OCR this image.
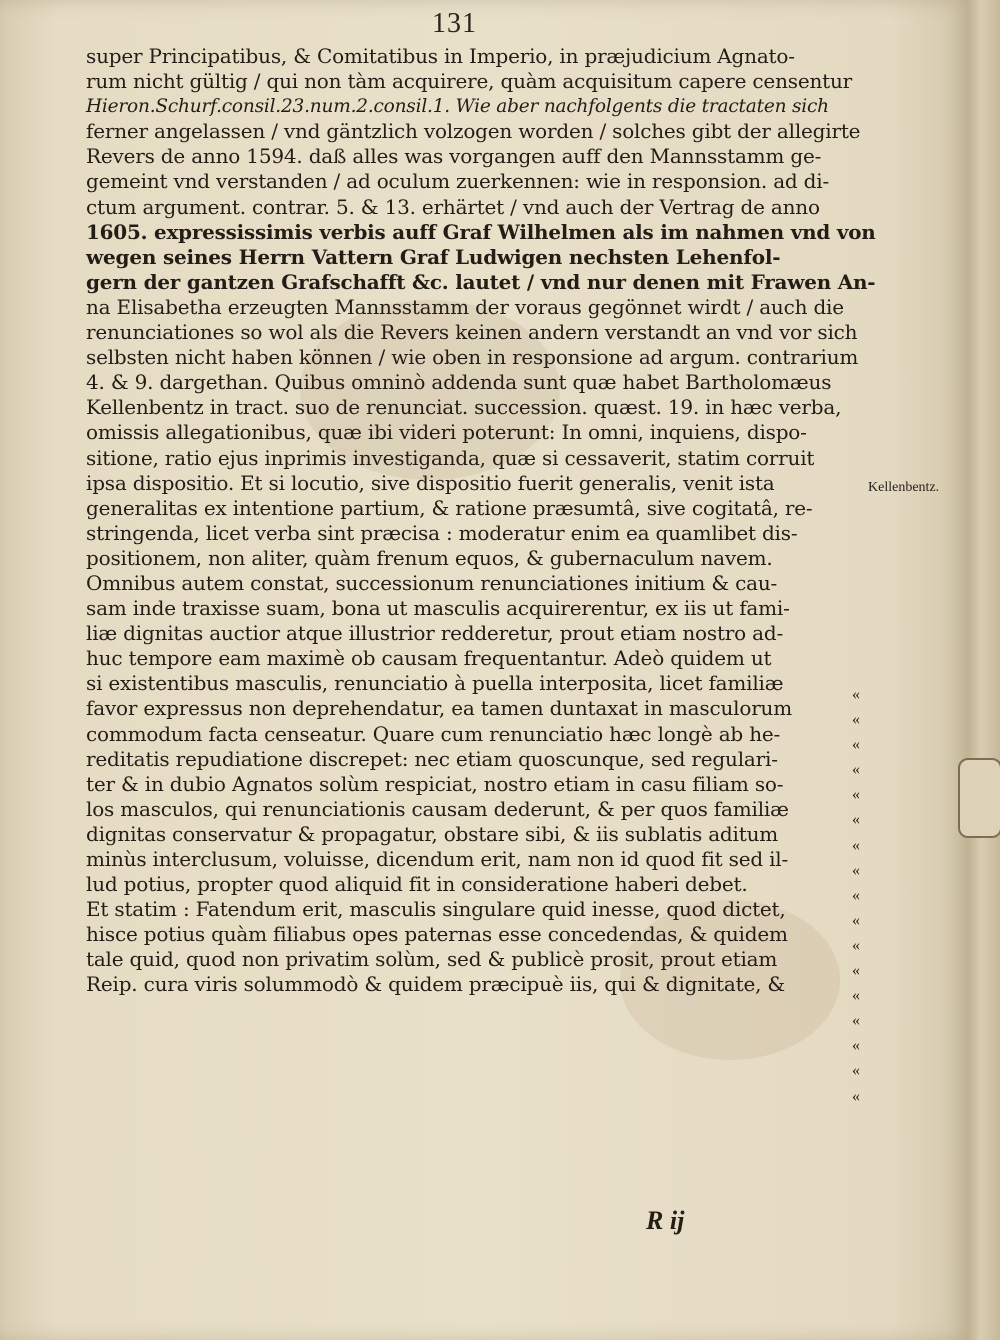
131
super Principatibus, & Comitatibus in Imperio, in præjudicium Agnato-
rum nicht gültig / qui non tàm acquirere, quàm acquisitum capere censentur
Hieron.Schurf.consil.23.num.2.consil.1. Wie aber nachfolgents die tractaten sich
ferner angelassen / vnd gäntzlich volzogen worden / solches gibt der allegirte
Revers de anno 1594. daß alles was vorgangen auff den Mannsstamm ge-
gemeint vnd verstanden / ad oculum zuerkennen: wie in responsion. ad di-
ctum argument. contrar. 5. & 13. erhärtet / vnd auch der Vertrag de anno
1605. expressissimis verbis auff Graf Wilhelmen als im nahmen vnd von
wegen seines Herrn Vattern Graf Ludwigen nechsten Lehenfol-
gern der gantzen Grafschafft &c. lautet / vnd nur denen mit Frawen An-
na Elisabetha erzeugten Mannsstamm der voraus gegönnet wirdt / auch die
renunciationes so wol als die Revers keinen andern verstandt an vnd vor sich
selbsten nicht haben können / wie oben in responsione ad argum. contrarium
4. & 9. dargethan. Quibus omninò addenda sunt quæ habet Bartholomæus
Kellenbentz in tract. suo de renunciat. succession. quæst. 19. in hæc verba,
omissis allegationibus, quæ ibi videri poterunt: In omni, inquiens, dispo-
sitione, ratio ejus inprimis investiganda, quæ si cessaverit, statim corruit
ipsa dispositio. Et si locutio, sive dispositio fuerit generalis, venit ista
generalitas ex intentione partium, & ratione præsumtâ, sive cogitatâ, re-
stringenda, licet verba sint præcisa : moderatur enim ea quamlibet dis-
positionem, non aliter, quàm frenum equos, & gubernaculum navem.
Omnibus autem constat, successionum renunciationes initium & cau-
sam inde traxisse suam, bona ut masculis acquirerentur, ex iis ut fami-
liæ dignitas auctior atque illustrior redderetur, prout etiam nostro ad-
huc tempore eam maximè ob causam frequentantur. Adeò quidem ut
si existentibus masculis, renunciatio à puella interposita, licet familiæ
favor expressus non deprehendatur, ea tamen duntaxat in masculorum
commodum facta censeatur. Quare cum renunciatio hæc longè ab he-
reditatis repudiatione discrepet: nec etiam quoscunque, sed regulari-
ter & in dubio Agnatos solùm respiciat, nostro etiam in casu filiam so-
los masculos, qui renunciationis causam dederunt, & per quos familiæ
dignitas conservatur & propagatur, obstare sibi, & iis sublatis aditum
minùs interclusum, voluisse, dicendum erit, nam non id quod fit sed il-
lud potius, propter quod aliquid fit in consideratione haberi debet.
Et statim : Fatendum erit, masculis singulare quid inesse, quod dictet,
hisce potius quàm filiabus opes paternas esse concedendas, & quidem
tale quid, quod non privatim solùm, sed & publicè prosit, prout etiam
Reip. cura viris solummodò & quidem præcipuè iis, qui & dignitate, &
Kellenbentz.
«
«
«
«
«
«
«
«
«
«
«
«
«
«
«
«
«
R ij
